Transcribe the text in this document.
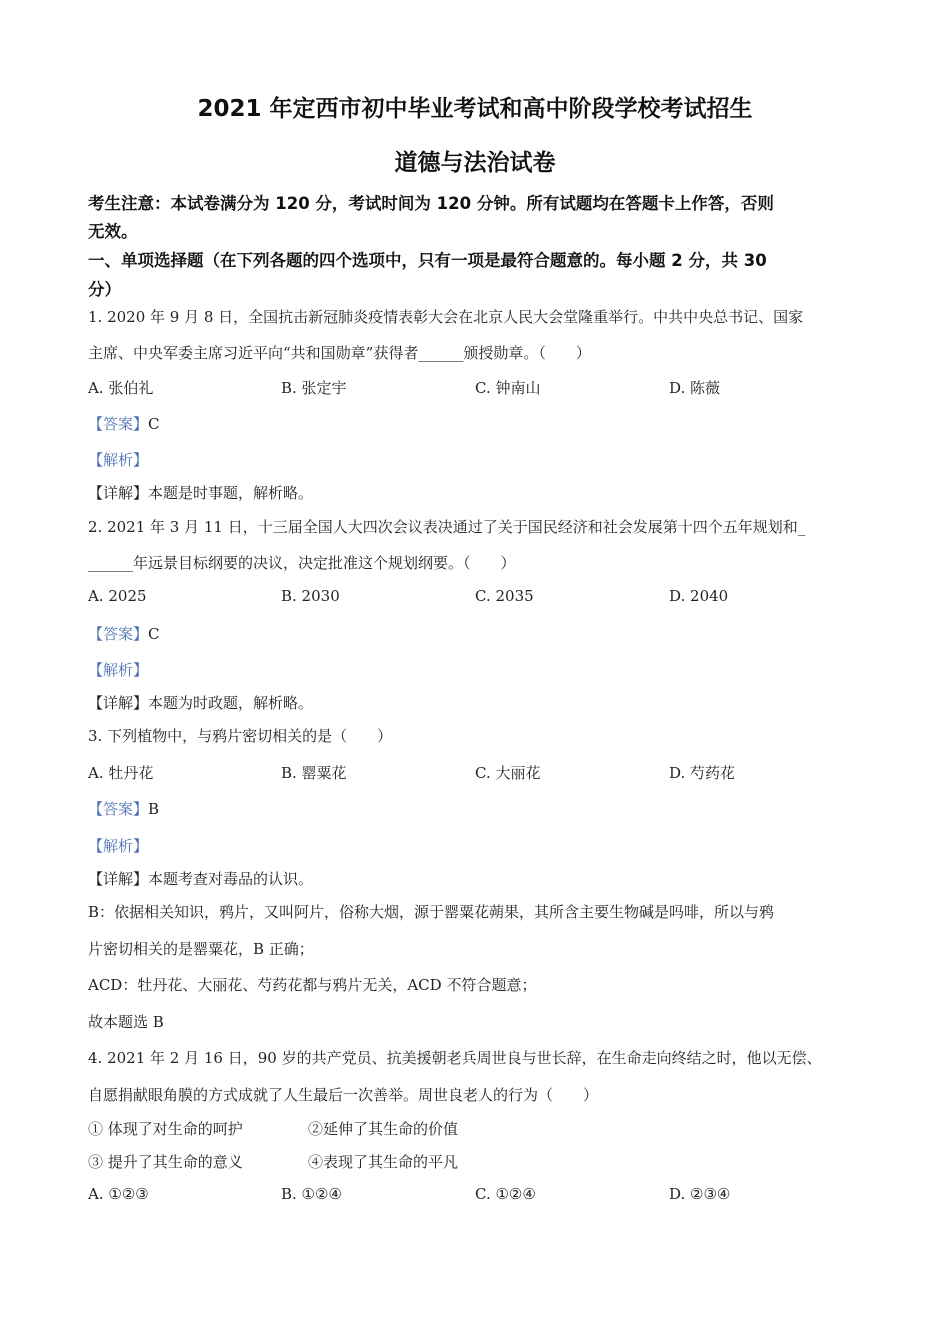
2021 年定西市初中毕业考试和高中阶段学校考试招生
道德与法治试卷
考生注意：本试卷满分为 120 分，考试时间为 120 分钟。所有试题均在答题卡上作答，否则
无效。
一、单项选择题（在下列各题的四个选项中，只有一项是最符合题意的。每小题 2 分，共 30
分）
1. 2020 年 9 月 8 日，全国抗击新冠肺炎疫情表彰大会在北京人民大会堂隆重举行。中共中央总书记、国家
主席、中央军委主席习近平向“共和国勋章”获得者______颁授勋章。（　　）
A. 张伯礼	B. 张定宇	C. 钟南山	D. 陈薇
【答案】C
【解析】
【详解】本题是时事题，解析略。
2. 2021 年 3 月 11 日，十三届全国人大四次会议表决通过了关于国民经济和社会发展第十四个五年规划和_
______年远景目标纲要的决议，决定批准这个规划纲要。（　　）
A. 2025	B. 2030	C. 2035	D. 2040
【答案】C
【解析】
【详解】本题为时政题，解析略。
3. 下列植物中，与鸦片密切相关的是（　　）
A. 牡丹花	B. 罂粟花	C. 大丽花	D. 芍药花
【答案】B
【解析】
【详解】本题考查对毒品的认识。
B：依据相关知识，鸦片，又叫阿片，俗称大烟，源于罂粟花蒴果，其所含主要生物碱是吗啡，所以与鸦
片密切相关的是罂粟花，B 正确；
ACD：牡丹花、大丽花、芍药花都与鸦片无关，ACD 不符合题意；
故本题选 B
4. 2021 年 2 月 16 日，90 岁的共产党员、抗美援朝老兵周世良与世长辞，在生命走向终结之时，他以无偿、
自愿捐献眼角膜的方式成就了人生最后一次善举。周世良老人的行为（　　）
① 体现了对生命的呵护	②延伸了其生命的价值
③ 提升了其生命的意义	④表现了其生命的平凡
A. ①②③	B. ①②④	C. ①②④	D. ②③④
